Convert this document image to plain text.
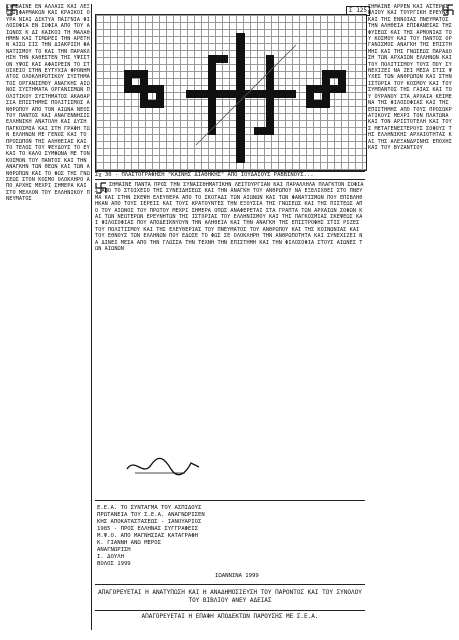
ΣΥΜΒΑΙΝΕ ΕΝ ΑΛΛΑΙΣ ΚΑΙ ΛΕΞΕΣΙ ΦΑΡΜΑΚΩΝ ΚΑΙ ΚΡΑΙΚΟΙ ΟΥΡΑ ΝΙΑΙ ΔΙΚΤΥΑ ΠΑΙΓΝΙΑ ΦΙΛΟΣΟΦΙΑ ΕΝ ΣΟΦΙΑ ΑΠΟ ΤΟΥ ΑΙΩΝΟΣ Κ ΔΙ ΚΑΙΚΟΙ ΤΗ ΜΑΛΑΘ ΗΜΗΝ ΚΑΙ ΤΙΜΩΡΕΙ ΤΗΝ ΑΡΕΤΗΝ ΑΙΣΩ ΣΙΣ ΤΗΝ ΔΙΑΚΡΙΣΗ ΦΑΝΑΤΙΣΜΟΥ ΤΟ ΚΑΙ ΤΗΝ ΠΑΡΑΚΛΗΣΗ ΤΗΝ ΚΑΘΕΣΤΕΝ ΤΗΣ ΥΨΙΣΤΟΝ ΥΨΟΣ ΚΑΙ ΑΦΑΙΡΕΙΝ ΤΟ ΣΤΟΙΧΕΙΟ ΣΤΗΝ ΕΥΤΥΧΙΑ ΦΡΟΝΗΜΑΤΟΣ ΟΛΟΚΛΗΡΩΤΙΚΟΥ ΣΥΣΤΗΜΑΤΟΣ ΟΡΓΑΝΙΣΜΟΥ ΑΝΑΓΚΗΣ ΑΙΩΝΟΣ ΣΥΣΤΗΜΑΤΑ ΟΡΓΑΝΙΣΜΩΝ ΠΟΛΙΤΙΚΟΥ ΣΥΣΤΗΜΑΤΟΣ ΑΚΑΘΑΡΣΙΑ ΕΠΙΣΤΗΜΗΣ ΠΟΛΙΤΙΣΜΟΣ ΑΝΘΡΩΠΟΥ ΑΠΟ ΤΟΝ ΑΙΩΝΑ ΝΕΟΣ ΤΟΥ ΠΑΝΤΟΣ ΚΑΙ ΑΝΑΓΕΝΝΗΣΙΣ ΕΛΛΗΝΙΚΗ ΑΝΑΤΟΛΗ ΚΑΙ ΔΥΣΗ ΠΑΓΚΟΣΜΙΑ ΚΑΙ ΣΤΗ ΓΡΑΦΗ ΤΩΝ ΕΛΛΗΝΩΝ ΜΕ ΓΕΝΟΣ ΚΑΙ ΤΟ ΠΡΟΣΩΠΟΝ ΤΗΣ ΑΛΗΘΕΙΑΣ ΚΑΙ ΤΟ ΤΕΛΟΣ ΤΟΥ ΨΕΥΔΟΥΣ ΤΟ ΕΥ ΚΑΙ ΤΟ ΚΑΛΟ ΣΥΜΦΩΝΑ ΜΕ ΤΟΝ ΚΟΣΜΟΝ ΤΟΥ ΠΑΝΤΟΣ ΚΑΙ ΤΗΝ ΑΝΑΓΚΗΝ ΤΩΝ ΘΕΩΝ ΚΑΙ ΤΩΝ ΑΝΘΡΩΠΩΝ ΚΑΙ ΤΟ ΦΩΣ ΤΗΣ ΓΝΩΣΕΩΣ ΣΤΟΝ ΚΟΣΜΟ ΟΛΟΚΛΗΡΟ ΑΠΟ ΑΡΧΗΣ ΜΕΧΡΙ ΣΗΜΕΡΑ ΚΑΙ ΣΤΟ ΜΕΛΛΟΝ ΤΟΥ ΕΛΛΗΝΙΚΟΥ ΠΝΕΥΜΑΤΟΣ
Σ 125
Σχ 30 - ΠΛΑΣΤΟΓΡΑΦΗΣΗ "ΚΑΙΝΗΣ ΔΙΑΘΗΚΗΣ" ΑΠΟ ΙΟΥΔΑΙΟΥΣ ΡΑΒΒΙΝΟΥΣ...
ΣΗΜΑΙΝΕ ΠΑΝΤΑ ΠΡΟΣ ΤΗΝ ΣΥΝΑΙΣΘΗΜΑΤΙΚΗΝ ΛΕΙΤΟΥΡΓΙΑΝ ΚΑΙ ΠΑΡΑΛΛΗΛΑ ΠΛΑΓΚΤΟΝ ΣΟΦΙΑΣ ΑΠΟ ΤΟ ΣΤΟΙΧΕΙΟ ΤΗΣ ΣΥΝΕΙΔΗΣΕΩΣ ΚΑΙ ΤΗΝ ΑΝΑΓΚΗ ΤΟΥ ΑΝΘΡΩΠΟΥ ΝΑ ΕΞΕΛΙΧΘΕΙ ΣΤΟ ΠΝΕΥΜΑ ΚΑΙ ΣΤΗΝ ΣΚΕΨΗ ΕΛΕΥΘΕΡΑ ΑΠΟ ΤΟ ΣΚΟΤΑΔΙ ΤΩΝ ΑΙΩΝΩΝ ΚΑΙ ΤΩΝ ΦΑΝΑΤΙΣΜΩΝ ΠΟΥ ΕΠΙΒΛΗΘΗΚΑΝ ΑΠΟ ΤΟΥΣ ΙΕΡΕΙΣ ΚΑΙ ΤΟΥΣ ΚΡΑΤΟΥΝΤΕΣ ΤΗΝ ΕΞΟΥΣΙΑ ΤΗΣ ΓΝΩΣΕΩΣ ΚΑΙ ΤΗΣ ΠΙΣΤΕΩΣ ΑΠΟ ΤΟΥ ΑΙΩΝΟΣ ΤΟΥ ΠΡΩΤΟΥ ΜΕΧΡΙ ΣΗΜΕΡΑ ΟΠΩΣ ΑΝΑΦΕΡΕΤΑΙ ΣΤΑ ΓΡΑΠΤΑ ΤΩΝ ΑΡΧΑΙΩΝ ΣΟΦΩΝ ΚΑΙ ΤΩΝ ΝΕΩΤΕΡΩΝ ΕΡΕΥΝΗΤΩΝ ΤΗΣ ΙΣΤΟΡΙΑΣ ΤΟΥ ΕΛΛΗΝΙΣΜΟΥ ΚΑΙ ΤΗΣ ΠΑΓΚΟΣΜΙΑΣ ΣΚΕΨΕΩΣ ΚΑΙ ΦΙΛΟΣΟΦΙΑΣ ΠΟΥ ΑΠΟΔΕΙΚΝΥΟΥΝ ΤΗΝ ΑΛΗΘΕΙΑ ΚΑΙ ΤΗΝ ΑΝΑΓΚΗ ΤΗΣ ΕΠΙΣΤΡΟΦΗΣ ΣΤΙΣ ΡΙΖΕΣ ΤΟΥ ΠΟΛΙΤΙΣΜΟΥ ΚΑΙ ΤΗΣ ΕΛΕΥΘΕΡΙΑΣ ΤΟΥ ΠΝΕΥΜΑΤΟΣ ΤΟΥ ΑΝΘΡΩΠΟΥ ΚΑΙ ΤΗΣ ΚΟΙΝΩΝΙΑΣ ΚΑΙ ΤΟΥ ΕΘΝΟΥΣ ΤΩΝ ΕΛΛΗΝΩΝ ΠΟΥ ΕΔΩΣΕ ΤΟ ΦΩΣ ΣΕ ΟΛΟΚΛΗΡΗ ΤΗΝ ΑΝΘΡΩΠΟΤΗΤΑ ΚΑΙ ΣΥΝΕΧΙΖΕΙ ΝΑ ΔΙΝΕΙ ΜΕΣΑ ΑΠΟ ΤΗΝ ΓΛΩΣΣΑ ΤΗΝ ΤΕΧΝΗ ΤΗΝ ΕΠΙΣΤΗΜΗ ΚΑΙ ΤΗΝ ΦΙΛΟΣΟΦΙΑ ΣΤΟΥΣ ΑΙΩΝΕΣ ΤΩΝ ΑΙΩΝΩΝ
ΣΗΜΑΙΝΕ ΑΡΡΕΝ ΚΑΙ ΑΣΤΕΡΟΣ ΗΛΙΟΥ ΚΑΙ ΤΟΥΡΓΙΚΗ ΕΡΕΥΝΑ ΚΑΙ ΤΗΣ ΕΝΝΟΙΑΣ ΠΝΕΥΜΑΤΟΣ ΤΗΝ ΑΛΗΘΕΙΑ ΕΠΙΦΑΝΕΙΑΣ ΤΗΣ ΦΥΣΕΩΣ ΚΑΙ ΤΗΣ ΑΡΜΟΝΙΑΣ ΤΟΥ ΚΟΣΜΟΥ ΚΑΙ ΤΟΥ ΠΑΝΤΟΣ ΟΡΓΑΝΙΣΜΟΣ ΑΝΑΓΚΗ ΤΗΣ ΕΠΙΣΤΗΜΗΣ ΚΑΙ ΤΗΣ ΓΝΩΣΕΩΣ ΠΑΡΑΔΟΣΗ ΤΩΝ ΑΡΧΑΙΩΝ ΕΛΛΗΝΩΝ ΚΑΙ ΤΟΥ ΠΟΛΙΤΙΣΜΟΥ ΤΟΥΣ ΠΟΥ ΣΥΝΕΧΙΖΕΙ ΝΑ ΖΕΙ ΜΕΣΑ ΣΤΙΣ ΨΥΧΕΣ ΤΩΝ ΑΝΘΡΩΠΩΝ ΚΑΙ ΣΤΗΝ ΙΣΤΟΡΙΑ ΤΟΥ ΚΟΣΜΟΥ ΚΑΙ ΤΟΥ ΣΥΜΠΑΝΤΟΣ ΤΗΣ ΓΑΙΑΣ ΚΑΙ ΤΟΥ ΟΥΡΑΝΟΥ ΣΤΑ ΑΡΧΑΙΑ ΚΕΙΜΕΝΑ ΤΗΣ ΦΙΛΟΣΟΦΙΑΣ ΚΑΙ ΤΗΣ ΕΠΙΣΤΗΜΗΣ ΑΠΟ ΤΟΥΣ ΠΡΟΣΩΚΡΑΤΙΚΟΥΣ ΜΕΧΡΙ ΤΟΝ ΠΛΑΤΩΝΑ ΚΑΙ ΤΟΝ ΑΡΙΣΤΟΤΕΛΗ ΚΑΙ ΤΟΥΣ ΜΕΤΑΓΕΝΕΣΤΕΡΟΥΣ ΣΟΦΟΥΣ ΤΗΣ ΕΛΛΗΝΙΚΗΣ ΑΡΧΑΙΟΤΗΤΑΣ ΚΑΙ ΤΗΣ ΑΛΕΞΑΝΔΡΙΝΗΣ ΕΠΟΧΗΣ ΚΑΙ ΤΟΥ ΒΥΖΑΝΤΙΟΥ
Ε.Ε.Α. ΤΟ ΣΥΝΤΑΓΜΑ ΤΟΥ ΑΣΠΙΔΟΥΣ
ΠΡΩΤΑΝΕΙΑ ΤΟΥ Σ.Ε.Α. ΑΝΑΓΝΩΡΙΣΕΝ
ΚΗΣ ΑΠΟΚΑΤΑΣΤΑΣΕΩΣ - ΙΑΝΟΥΑΡΙΟΣ
1985 - ΠΡΟΣ ΕΛΛΗΝΑΣ ΣΥΓΓΡΑΦΕΙΣ
Μ.Ψ.Ο. ΑΠΟ ΜΑΓΝΗΣΙΑΣ ΚΑΤΑΓΡΑΦΗ
Κ. ΓΙΑΝΝΗ ΑΝΩ ΜΕΡΟΣ
ΑΝΑΓΝΩΡΙΣΗ
Ι. ΔΟΥΛΗ
ΒΟΛΟΣ 1999
ΙΩΑΝΝΙΝΑ 1999
ΑΠΑΓΟΡΕΥΕΤΑΙ Η ΑΝΑΤΥΠΩΣΗ ΚΑΙ Η ΑΝΑΔΗΜΟΣΙΕΥΣΗ ΤΟΥ ΠΑΡΟΝΤΟΣ ΚΑΙ ΤΟΥ ΣΥΝΟΛΟΥ ΤΟΥ ΒΙΒΛΙΟΥ ΑΝΕΥ ΑΔΕΙΑΣ
ΑΠΑΓΟΡΕΥΕΤΑΙ Η ΕΠΑΦΗ ΑΠΟΔΕΚΤΩΝ ΠΑΡΟΥΣΗΣ ΜΕ Σ.Ε.Α.
